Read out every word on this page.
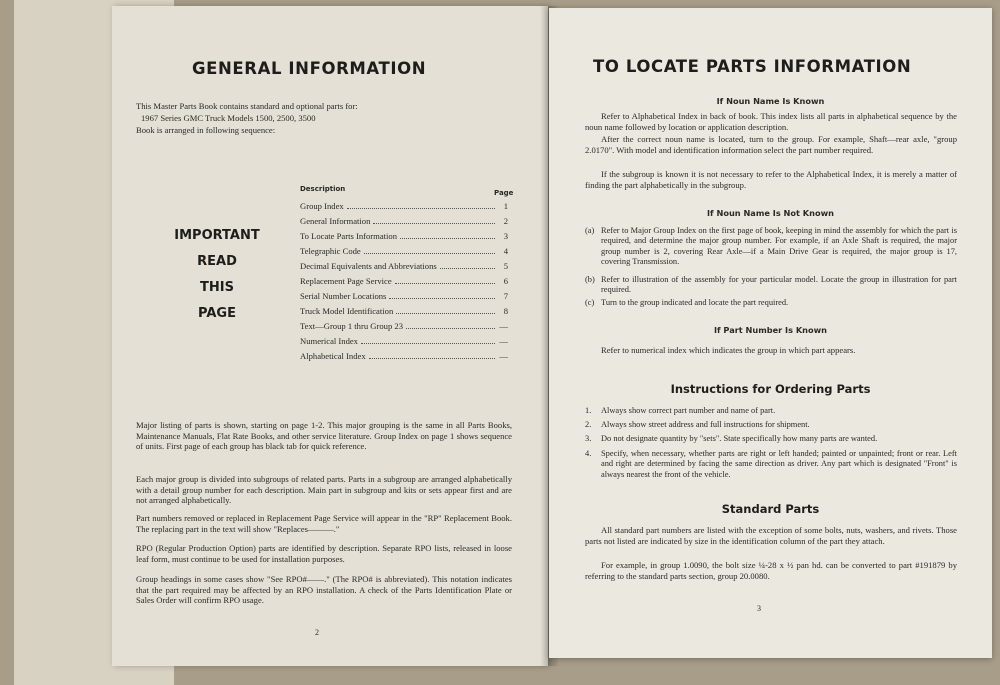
GENERAL INFORMATION
This Master Parts Book contains standard and optional parts for:
1967 Series GMC Truck Models 1500, 2500, 3500
Book is arranged in following sequence:
Description	Page
Group Index	1
General Information	2
To Locate Parts Information	3
Telegraphic Code	4
Decimal Equivalents and Abbreviations	5
Replacement Page Service	6
Serial Number Locations	7
Truck Model Identification	8
Text—Group 1 thru Group 23	—
Numerical Index	—
Alphabetical Index	—
IMPORTANT
READ
THIS
PAGE
Major listing of parts is shown, starting on page 1-2. This major grouping is the same in all Parts Books, Maintenance Manuals, Flat Rate Books, and other service literature. Group Index on page 1 shows sequence of units. First page of each group has black tab for quick reference.
Each major group is divided into subgroups of related parts. Parts in a subgroup are arranged alphabetically with a detail group number for each description. Main part in subgroup and kits or sets appear first and are not arranged alphabetically.
Part numbers removed or replaced in Replacement Page Service will appear in the "RP" Replacement Book. The replacing part in the text will show "Replaces———."
RPO (Regular Production Option) parts are identified by description. Separate RPO lists, released in loose leaf form, must continue to be used for installation purposes.
Group headings in some cases show "See RPO#——." (The RPO# is abbreviated). This notation indicates that the part required may be affected by an RPO installation. A check of the Parts Identification Plate or Sales Order will confirm RPO usage.
2
TO LOCATE PARTS INFORMATION
If Noun Name Is Known
Refer to Alphabetical Index in back of book. This index lists all parts in alphabetical sequence by the noun name followed by location or application description.
After the correct noun name is located, turn to the group. For example, Shaft—rear axle, "group 2.0170". With model and identification information select the part number required.
If the subgroup is known it is not necessary to refer to the Alphabetical Index, it is merely a matter of finding the part alphabetically in the subgroup.
If Noun Name Is Not Known
(a) Refer to Major Group Index on the first page of book, keeping in mind the assembly for which the part is required, and determine the major group number. For example, if an Axle Shaft is required, the major group number is 2, covering Rear Axle—if a Main Drive Gear is required, the major group is 17, covering Transmission.
(b) Refer to illustration of the assembly for your particular model. Locate the group in illustration for part required.
(c) Turn to the group indicated and locate the part required.
If Part Number Is Known
Refer to numerical index which indicates the group in which part appears.
Instructions for Ordering Parts
1. Always show correct part number and name of part.
2. Always show street address and full instructions for shipment.
3. Do not designate quantity by "sets". State specifically how many parts are wanted.
4. Specify, when necessary, whether parts are right or left handed; painted or unpainted; front or rear. Left and right are determined by facing the same direction as driver. Any part which is designated "Front" is always nearest the front of the vehicle.
Standard Parts
All standard part numbers are listed with the exception of some bolts, nuts, washers, and rivets. Those parts not listed are indicated by size in the identification column of the part they attach.
For example, in group 1.0090, the bolt size ¼-28 x ½ pan hd. can be converted to part #191879 by referring to the standard parts section, group 20.0080.
3
